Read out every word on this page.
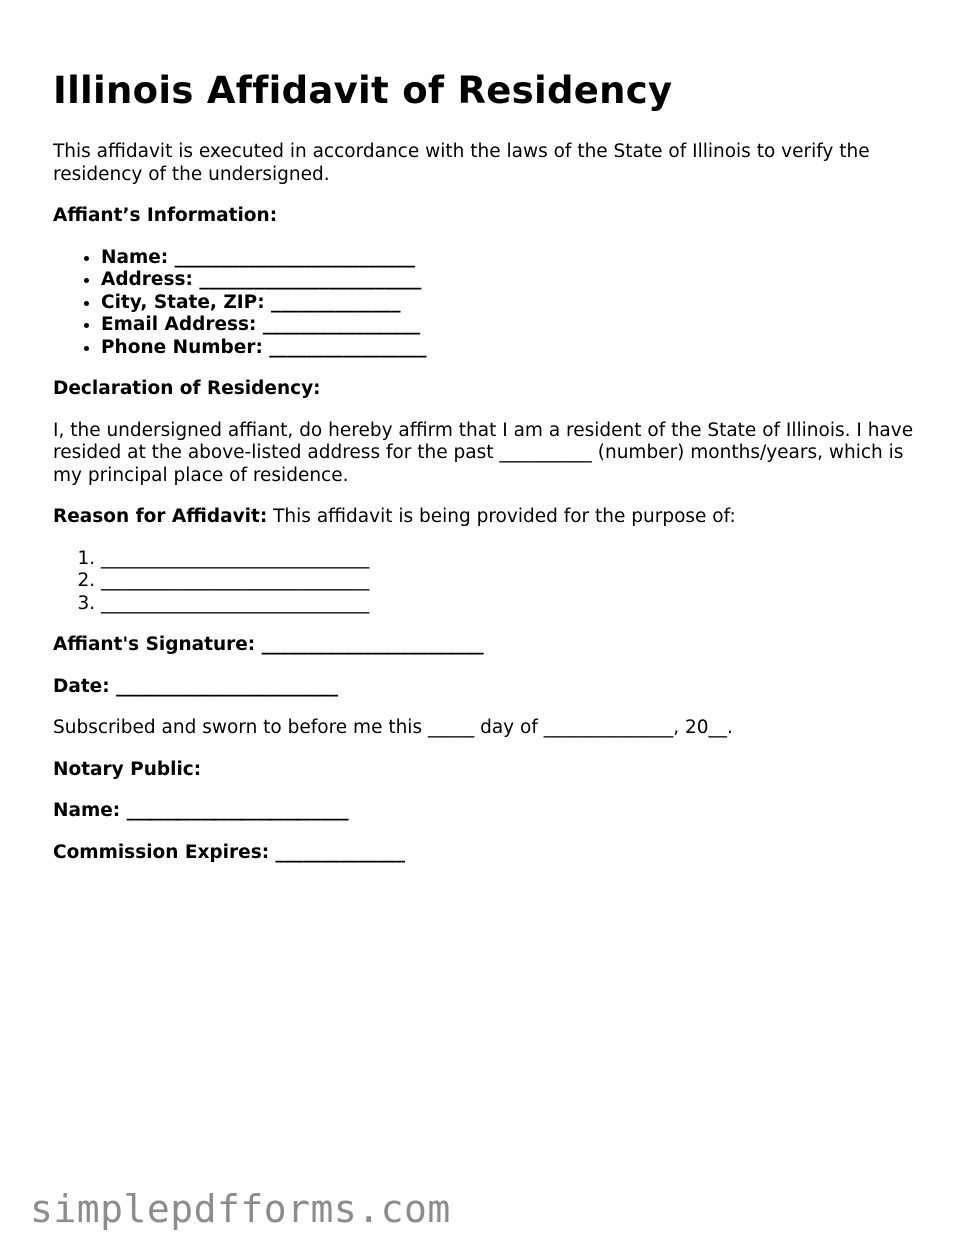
Illinois Affidavit of Residency

This affidavit is executed in accordance with the laws of the State of Illinois to verify the residency of the undersigned.

Affiant’s Information:

• Name: __________________________
• Address: ________________________
• City, State, ZIP: ______________
• Email Address: _________________
• Phone Number: _________________

Declaration of Residency:

I, the undersigned affiant, do hereby affirm that I am a resident of the State of Illinois. I have resided at the above-listed address for the past __________ (number) months/years, which is my principal place of residence.

Reason for Affidavit: This affidavit is being provided for the purpose of:

1. _____________________________
2. _____________________________
3. _____________________________

Affiant's Signature: ________________________

Date: ________________________

Subscribed and sworn to before me this _____ day of ______________, 20__.

Notary Public:

Name: ________________________

Commission Expires: ______________

simplepdfforms.com
